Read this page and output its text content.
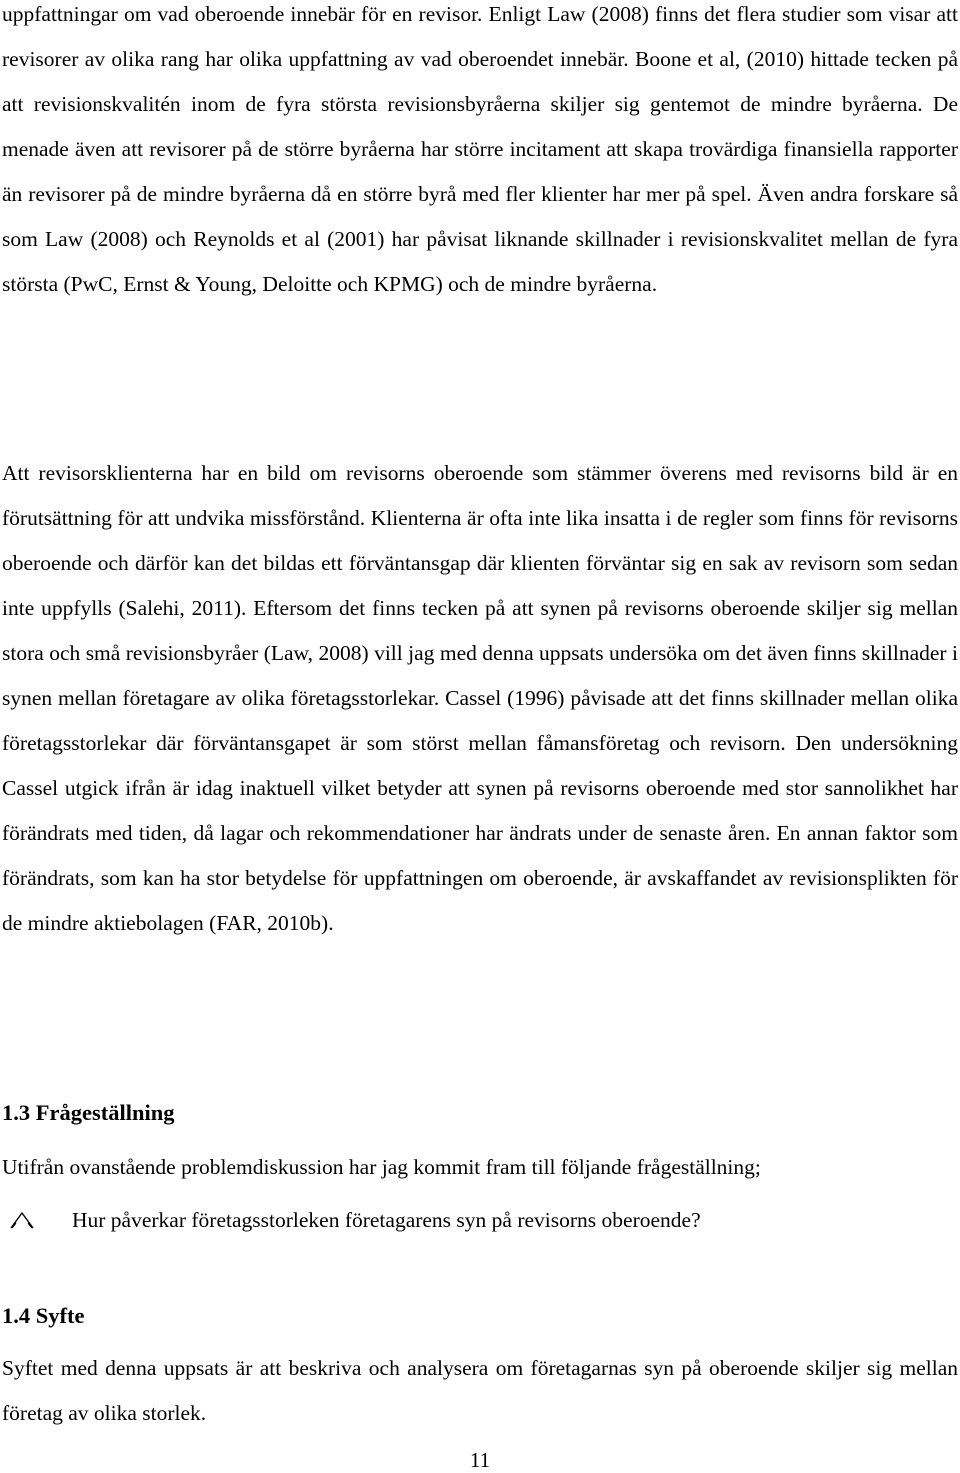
uppfattningar om vad oberoende innebär för en revisor. Enligt Law (2008) finns det flera studier som visar att revisorer av olika rang har olika uppfattning av vad oberoendet innebär. Boone et al, (2010) hittade tecken på att revisionskvalitén inom de fyra största revisionsbyråerna skiljer sig gentemot de mindre byråerna. De menade även att revisorer på de större byråerna har större incitament att skapa trovärdiga finansiella rapporter än revisorer på de mindre byråerna då en större byrå med fler klienter har mer på spel. Även andra forskare så som Law (2008) och Reynolds et al (2001) har påvisat liknande skillnader i revisionskvalitet mellan de fyra största (PwC, Ernst & Young, Deloitte och KPMG) och de mindre byråerna.

Att revisorsklienterna har en bild om revisorns oberoende som stämmer överens med revisorns bild är en förutsättning för att undvika missförstånd. Klienterna är ofta inte lika insatta i de regler som finns för revisorns oberoende och därför kan det bildas ett förväntansgap där klienten förväntar sig en sak av revisorn som sedan inte uppfylls (Salehi, 2011). Eftersom det finns tecken på att synen på revisorns oberoende skiljer sig mellan stora och små revisionsbyråer (Law, 2008) vill jag med denna uppsats undersöka om det även finns skillnader i synen mellan företagare av olika företagsstorlekar. Cassel (1996) påvisade att det finns skillnader mellan olika företagsstorlekar där förväntansgapet är som störst mellan fåmansföretag och revisorn. Den undersökning Cassel utgick ifrån är idag inaktuell vilket betyder att synen på revisorns oberoende med stor sannolikhet har förändrats med tiden, då lagar och rekommendationer har ändrats under de senaste åren. En annan faktor som förändrats, som kan ha stor betydelse för uppfattningen om oberoende, är avskaffandet av revisionsplikten för de mindre aktiebolagen (FAR, 2010b).

1.3 Frågeställning

Utifrån ovanstående problemdiskussion har jag kommit fram till följande frågeställning;

Hur påverkar företagsstorleken företagarens syn på revisorns oberoende?
1.4 Syfte

Syftet med denna uppsats är att beskriva och analysera om företagarnas syn på oberoende skiljer sig mellan företag av olika storlek.

11
